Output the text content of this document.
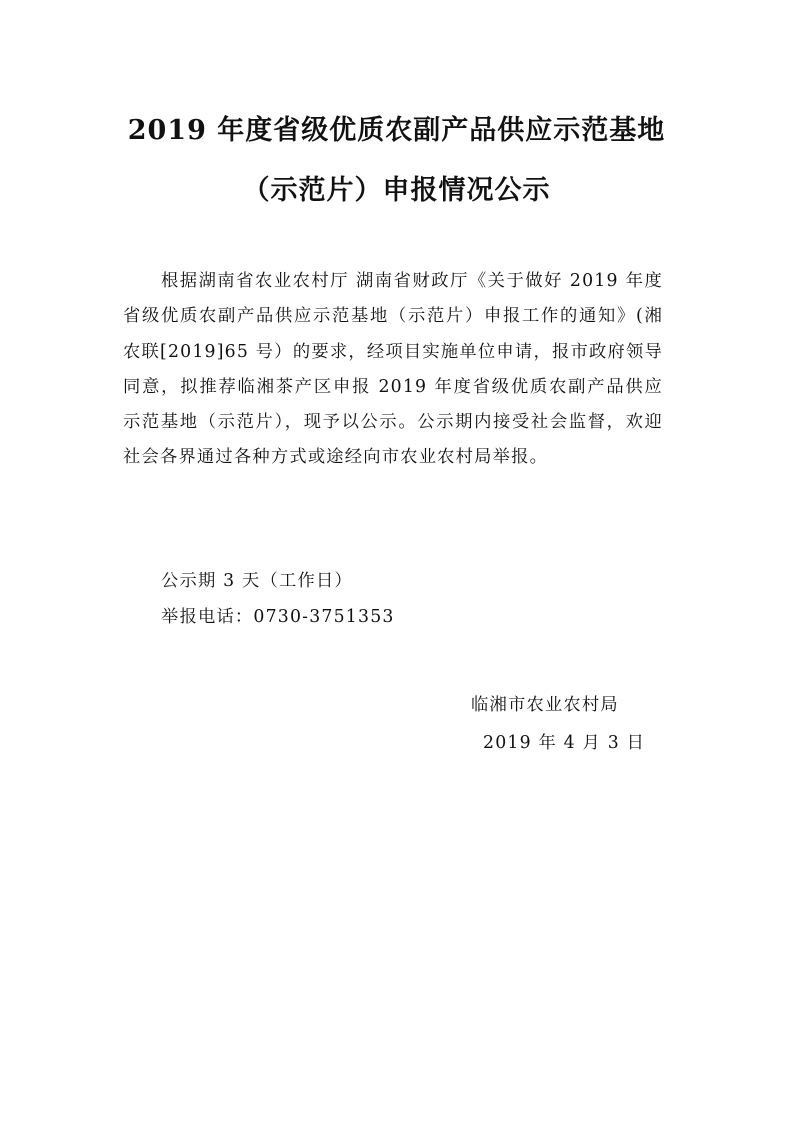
2019 年度省级优质农副产品供应示范基地
（示范片）申报情况公示

根据湖南省农业农村厅 湖南省财政厅《关于做好 2019 年度省级优质农副产品供应示范基地（示范片）申报工作的通知》(湘农联[2019]65 号）的要求，经项目实施单位申请，报市政府领导同意，拟推荐临湘茶产区申报 2019 年度省级优质农副产品供应示范基地（示范片），现予以公示。公示期内接受社会监督，欢迎社会各界通过各种方式或途经向市农业农村局举报。

公示期 3 天（工作日）
举报电话：0730-3751353
临湘市农业农村局
2019 年 4 月 3 日
